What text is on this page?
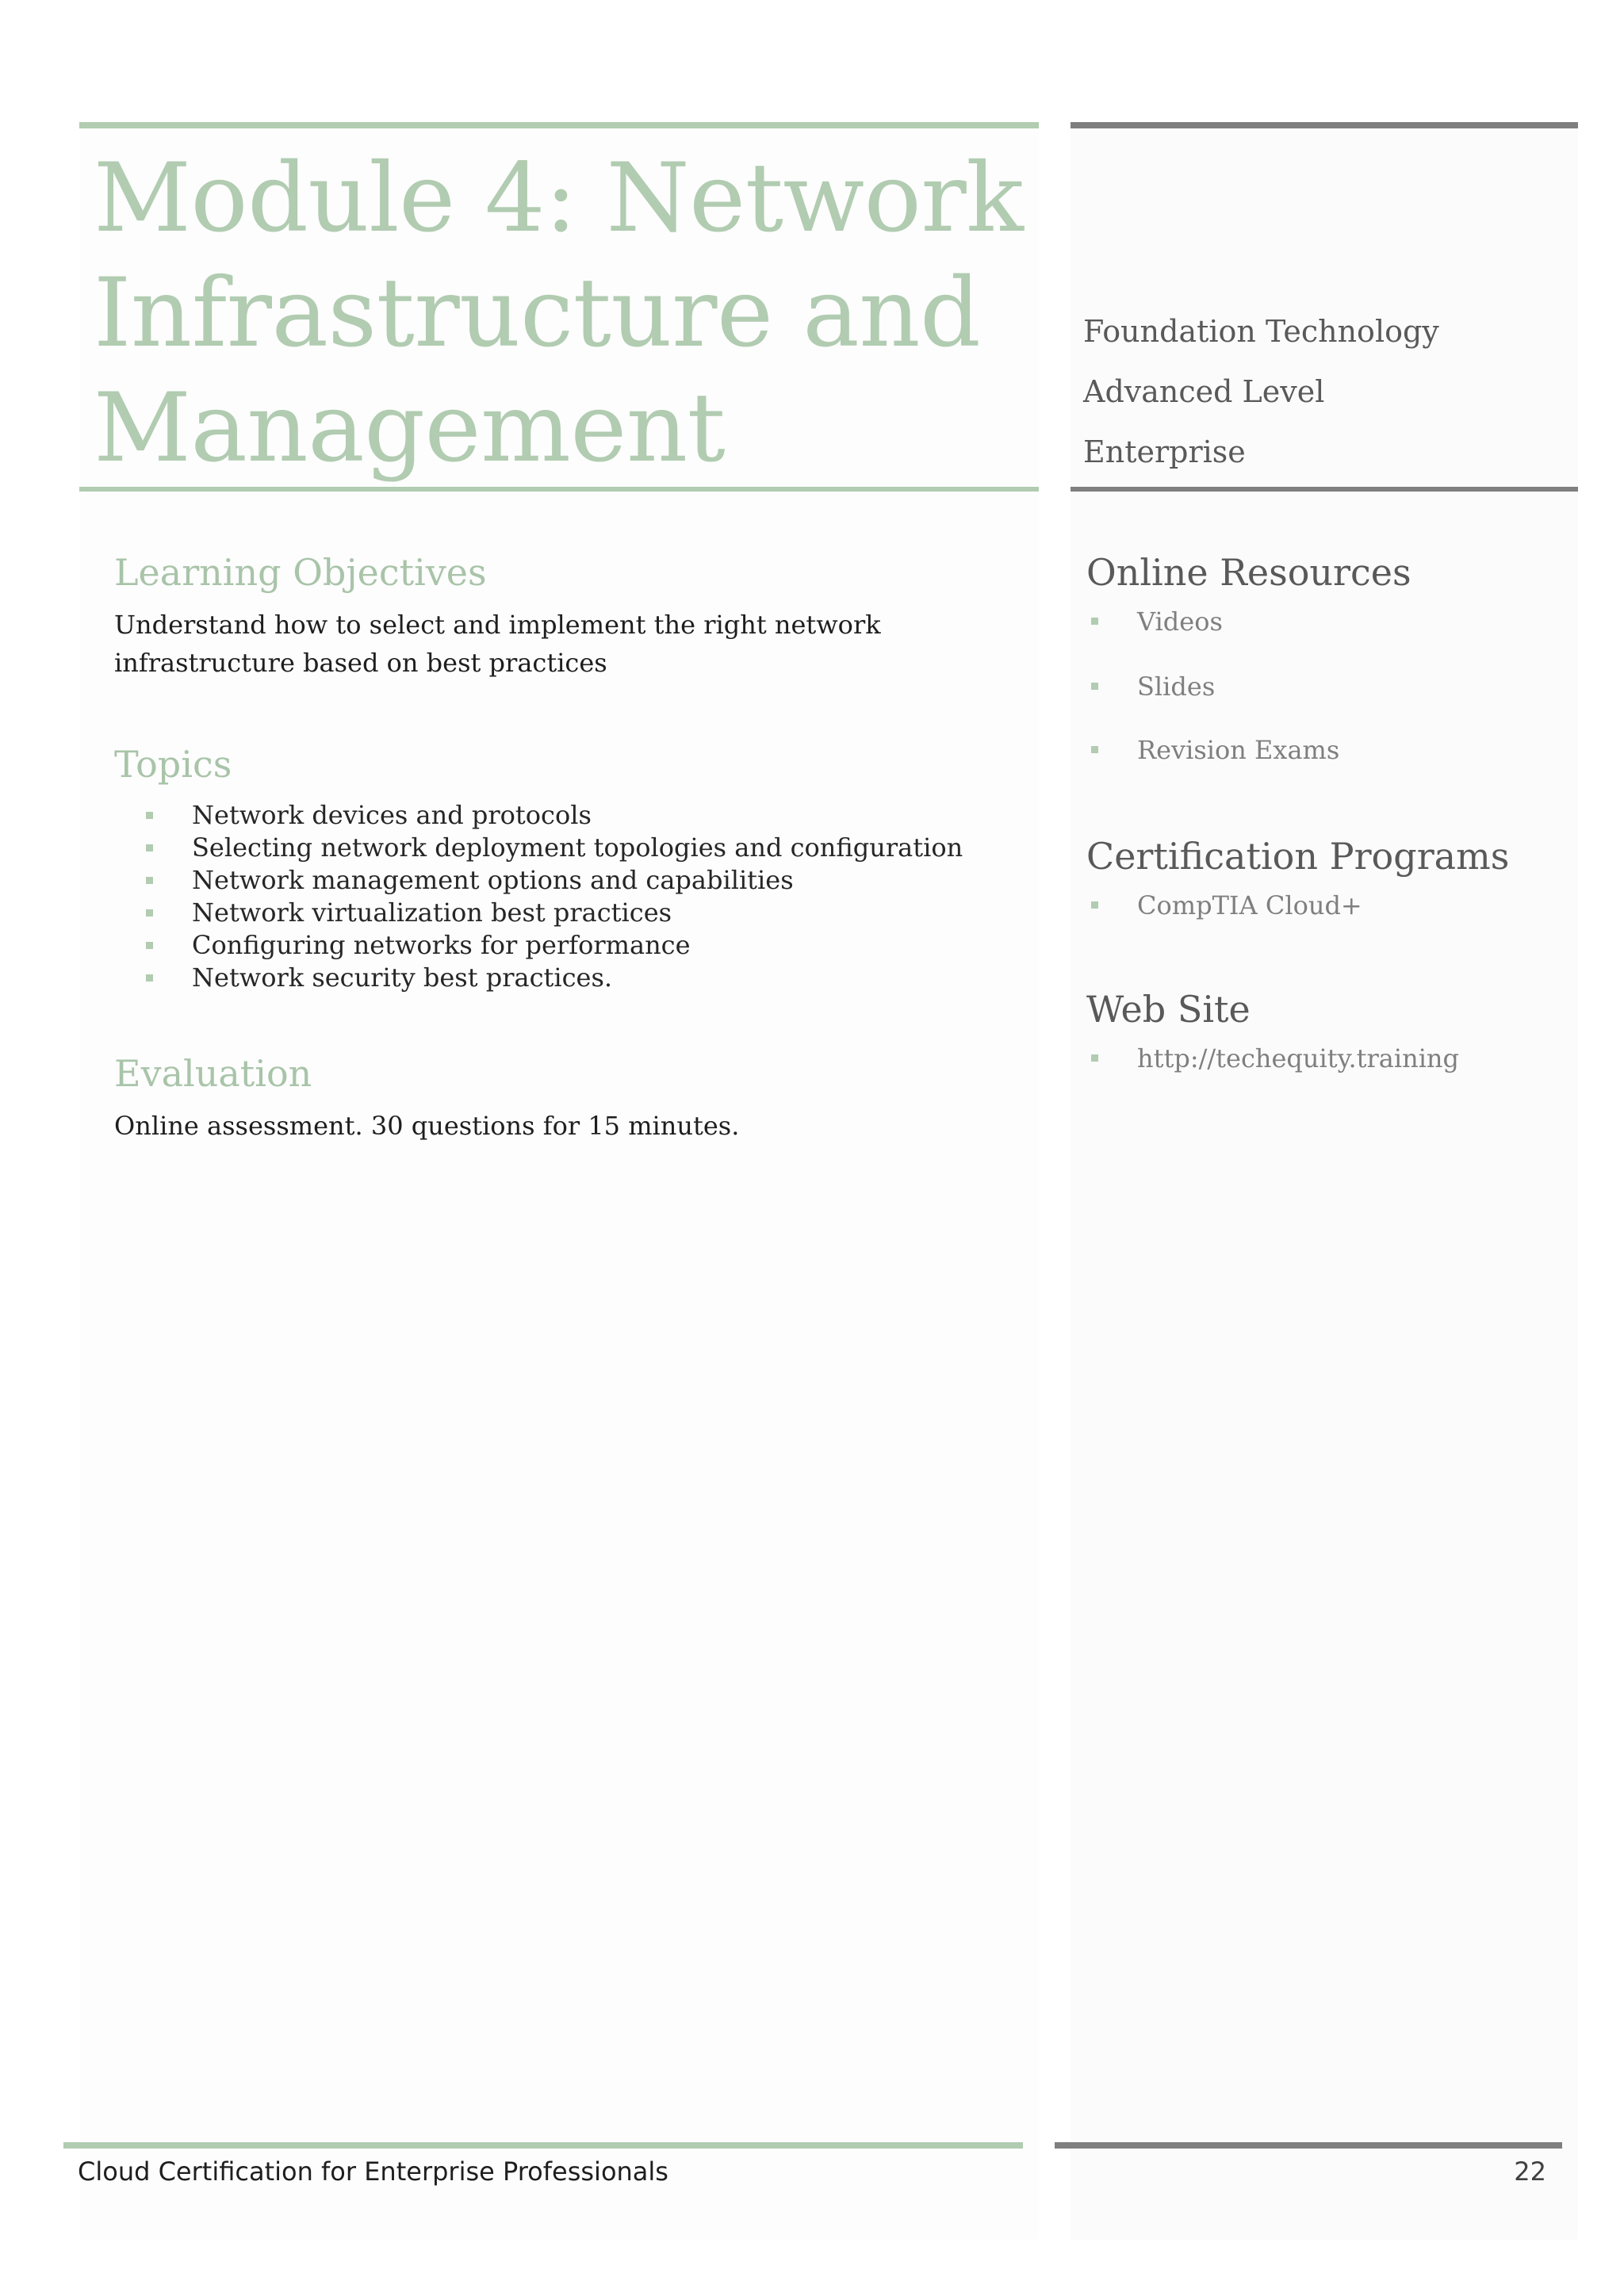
Module 4: Network
Infrastructure and
Management
Foundation Technology
Advanced Level
Enterprise
Learning Objectives

Understand how to select and implement the right network
infrastructure based on best practices

Topics
Network devices and protocols
Selecting network deployment topologies and configuration
Network management options and capabilities
Network virtualization best practices
Configuring networks for performance
Network security best practices.
Evaluation

Online assessment. 30 questions for 15 minutes.

Online Resources
Videos
Slides
Revision Exams
Certification Programs
CompTIA Cloud+
Web Site
http://techequity.training
Cloud Certification for Enterprise Professionals	22
